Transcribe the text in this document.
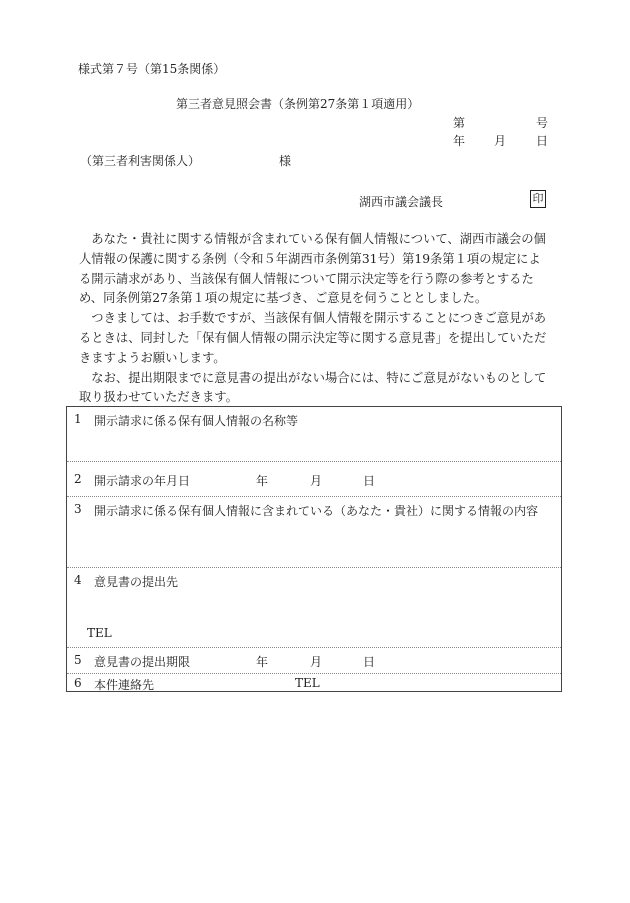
様式第７号（第15条関係）
第三者意見照会書（条例第27条第１項適用）
第	号
年 月 日
（第三者利害関係人）	様
湖西市議会議長	印

あなた・貴社に関する情報が含まれている保有個人情報について、湖西市議会の個人情報の保護に関する条例（令和５年湖西市条例第31号）第19条第１項の規定による開示請求があり、当該保有個人情報について開示決定等を行う際の参考とするため、同条例第27条第１項の規定に基づき、ご意見を伺うこととしました。

つきましては、お手数ですが、当該保有個人情報を開示することにつきご意見があるときは、同封した「保有個人情報の開示決定等に関する意見書」を提出していただきますようお願いします。

なお、提出期限までに意見書の提出がない場合には、特にご意見がないものとして取り扱わせていただきます。

1 開示請求に係る保有個人情報の名称等
2 開示請求の年月日	年	月	日
3 開示請求に係る保有個人情報に含まれている（あなた・貴社）に関する情報の内容
4 意見書の提出先
TEL
5 意見書の提出期限	年	月	日
6 本件連絡先	TEL
